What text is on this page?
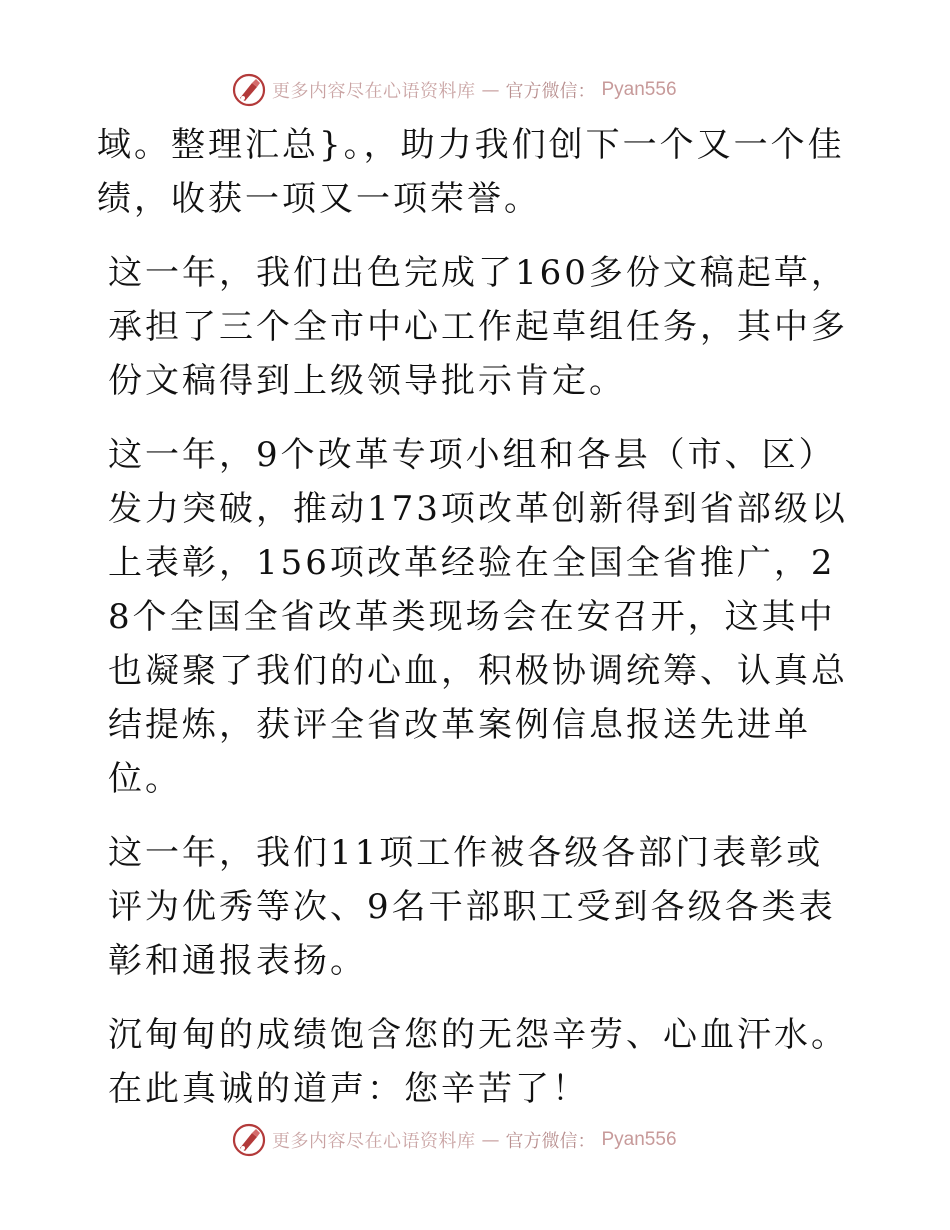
更多内容尽在心语资料库 — 官方微信： Pyan556

域。整理汇总}。，助力我们创下一个又一个佳绩，收获一项又一项荣誉。

这一年，我们出色完成了160多份文稿起草，承担了三个全市中心工作起草组任务，其中多份文稿得到上级领导批示肯定。

这一年，9个改革专项小组和各县（市、区）发力突破，推动173项改革创新得到省部级以上表彰，156项改革经验在全国全省推广，28个全国全省改革类现场会在安召开，这其中也凝聚了我们的心血，积极协调统筹、认真总结提炼，获评全省改革案例信息报送先进单位。

这一年，我们11项工作被各级各部门表彰或评为优秀等次、9名干部职工受到各级各类表彰和通报表扬。

沉甸甸的成绩饱含您的无怨辛劳、心血汗水。在此真诚的道声：您辛苦了！

更多内容尽在心语资料库 — 官方微信： Pyan556
